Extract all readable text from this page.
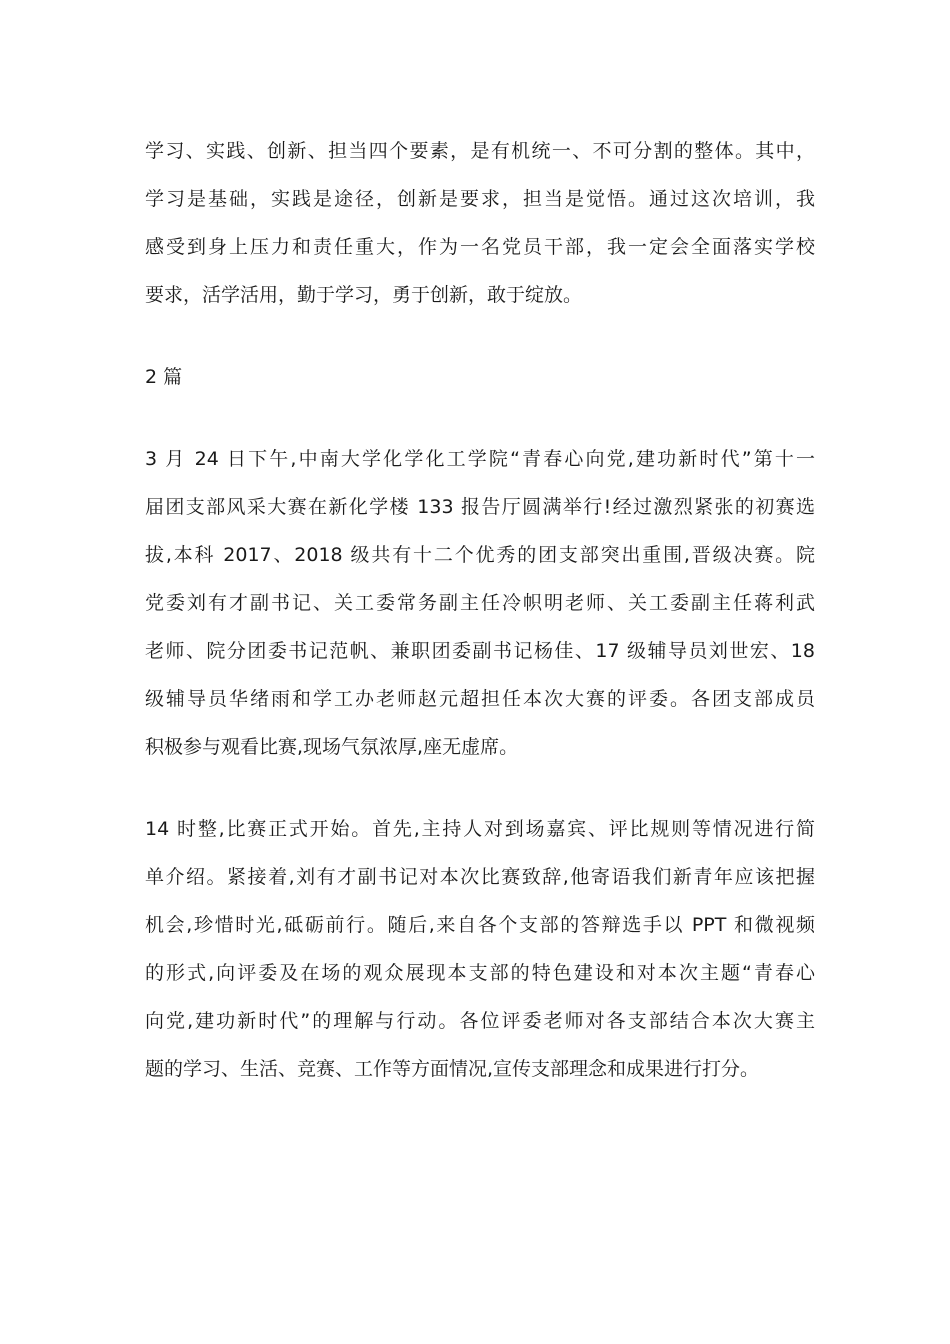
学习、实践、创新、担当四个要素，是有机统一、不可分割的整体。其中，
学习是基础，实践是途径，创新是要求，担当是觉悟。通过这次培训，我
感受到身上压力和责任重大，作为一名党员干部，我一定会全面落实学校
要求，活学活用，勤于学习，勇于创新，敢于绽放。
2 篇
3 月 24 日下午,中南大学化学化工学院“青春心向党,建功新时代”第十一
届团支部风采大赛在新化学楼 133 报告厅圆满举行!经过激烈紧张的初赛选
拔,本科 2017、2018 级共有十二个优秀的团支部突出重围,晋级决赛。院
党委刘有才副书记、关工委常务副主任冷帜明老师、关工委副主任蒋利武
老师、院分团委书记范帆、兼职团委副书记杨佳、17 级辅导员刘世宏、18
级辅导员华绪雨和学工办老师赵元超担任本次大赛的评委。各团支部成员
积极参与观看比赛,现场气氛浓厚,座无虚席。
14 时整,比赛正式开始。首先,主持人对到场嘉宾、评比规则等情况进行简
单介绍。紧接着,刘有才副书记对本次比赛致辞,他寄语我们新青年应该把握
机会,珍惜时光,砥砺前行。随后,来自各个支部的答辩选手以 PPT 和微视频
的形式,向评委及在场的观众展现本支部的特色建设和对本次主题“青春心
向党,建功新时代”的理解与行动。各位评委老师对各支部结合本次大赛主
题的学习、生活、竞赛、工作等方面情况,宣传支部理念和成果进行打分。
